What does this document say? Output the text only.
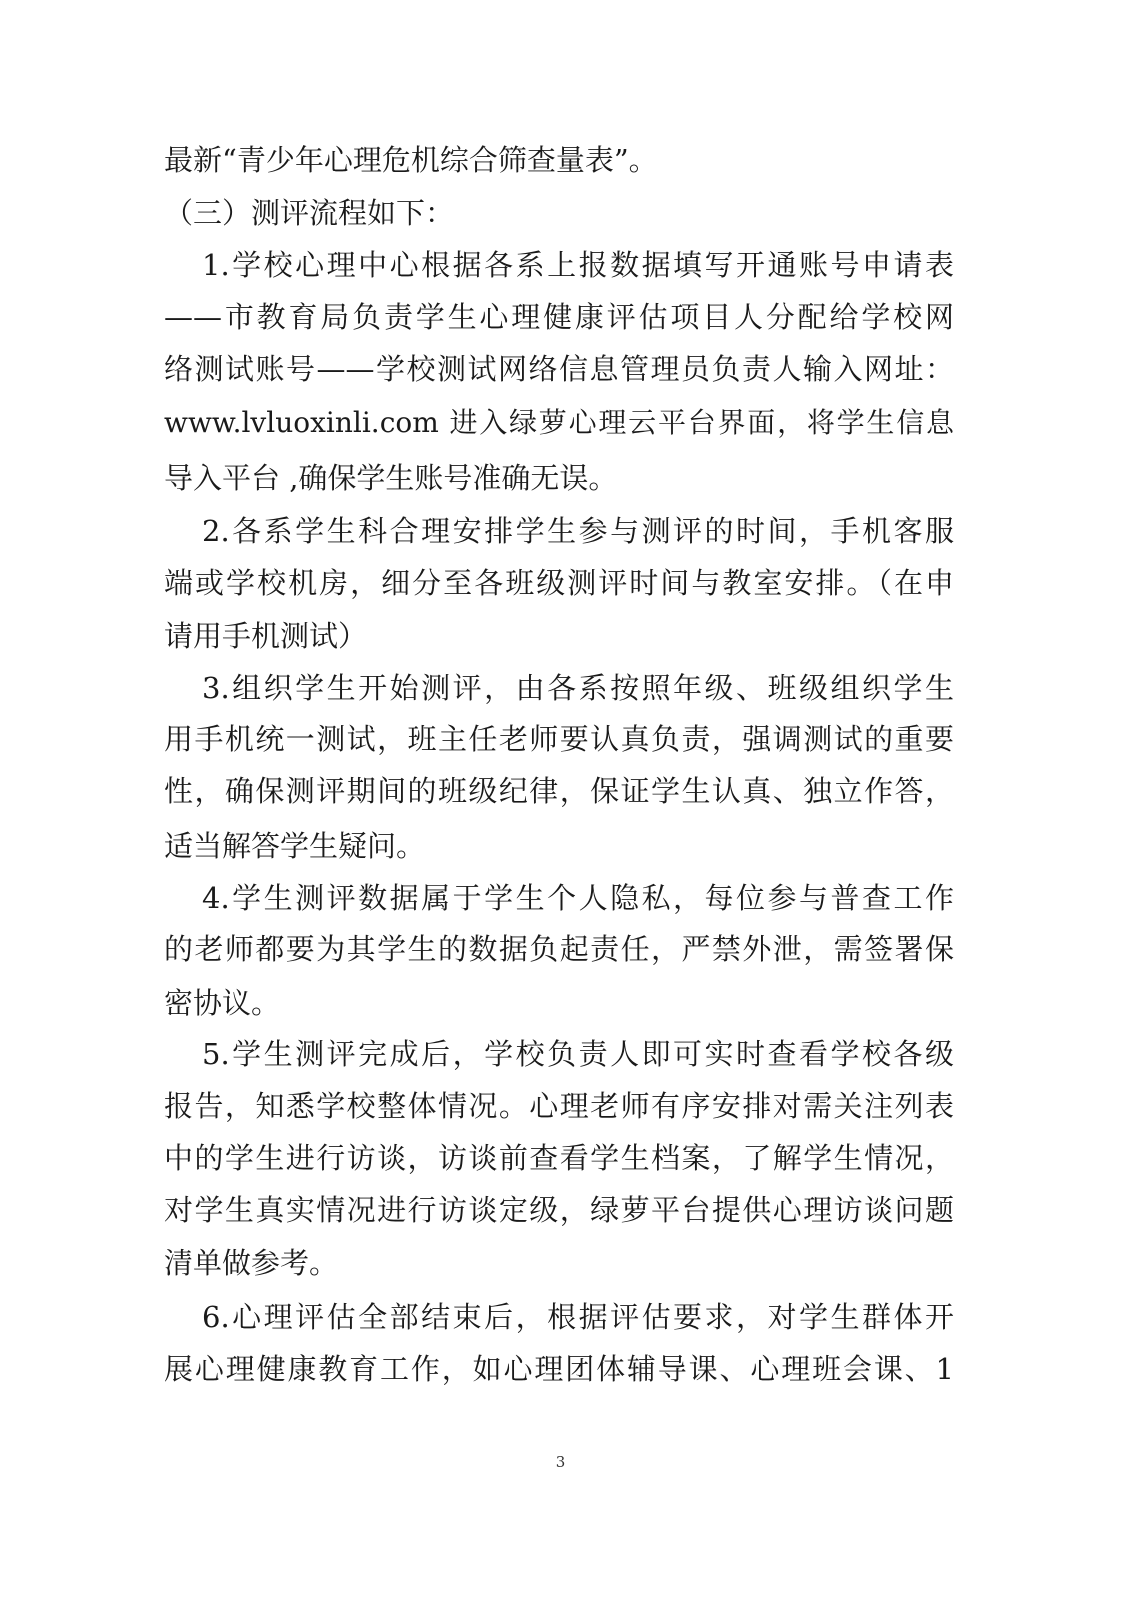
最新“青少年心理危机综合筛查量表”。
（三）测评流程如下：
1.学校心理中心根据各系上报数据填写开通账号申请表
——市教育局负责学生心理健康评估项目人分配给学校网
络测试账号——学校测试网络信息管理员负责人输入网址：
www.lvluoxinli.com 进入绿萝心理云平台界面，将学生信息
导入平台 ,确保学生账号准确无误。
2.各系学生科合理安排学生参与测评的时间，手机客服
端或学校机房，细分至各班级测评时间与教室安排。（在申
请用手机测试）
3.组织学生开始测评，由各系按照年级、班级组织学生
用手机统一测试，班主任老师要认真负责，强调测试的重要
性，确保测评期间的班级纪律，保证学生认真、独立作答，
适当解答学生疑问。
4.学生测评数据属于学生个人隐私，每位参与普查工作
的老师都要为其学生的数据负起责任，严禁外泄，需签署保
密协议。
5.学生测评完成后，学校负责人即可实时查看学校各级
报告，知悉学校整体情况。心理老师有序安排对需关注列表
中的学生进行访谈，访谈前查看学生档案，了解学生情况，
对学生真实情况进行访谈定级，绿萝平台提供心理访谈问题
清单做参考。
6.心理评估全部结束后，根据评估要求，对学生群体开
展心理健康教育工作，如心理团体辅导课、心理班会课、1
3
